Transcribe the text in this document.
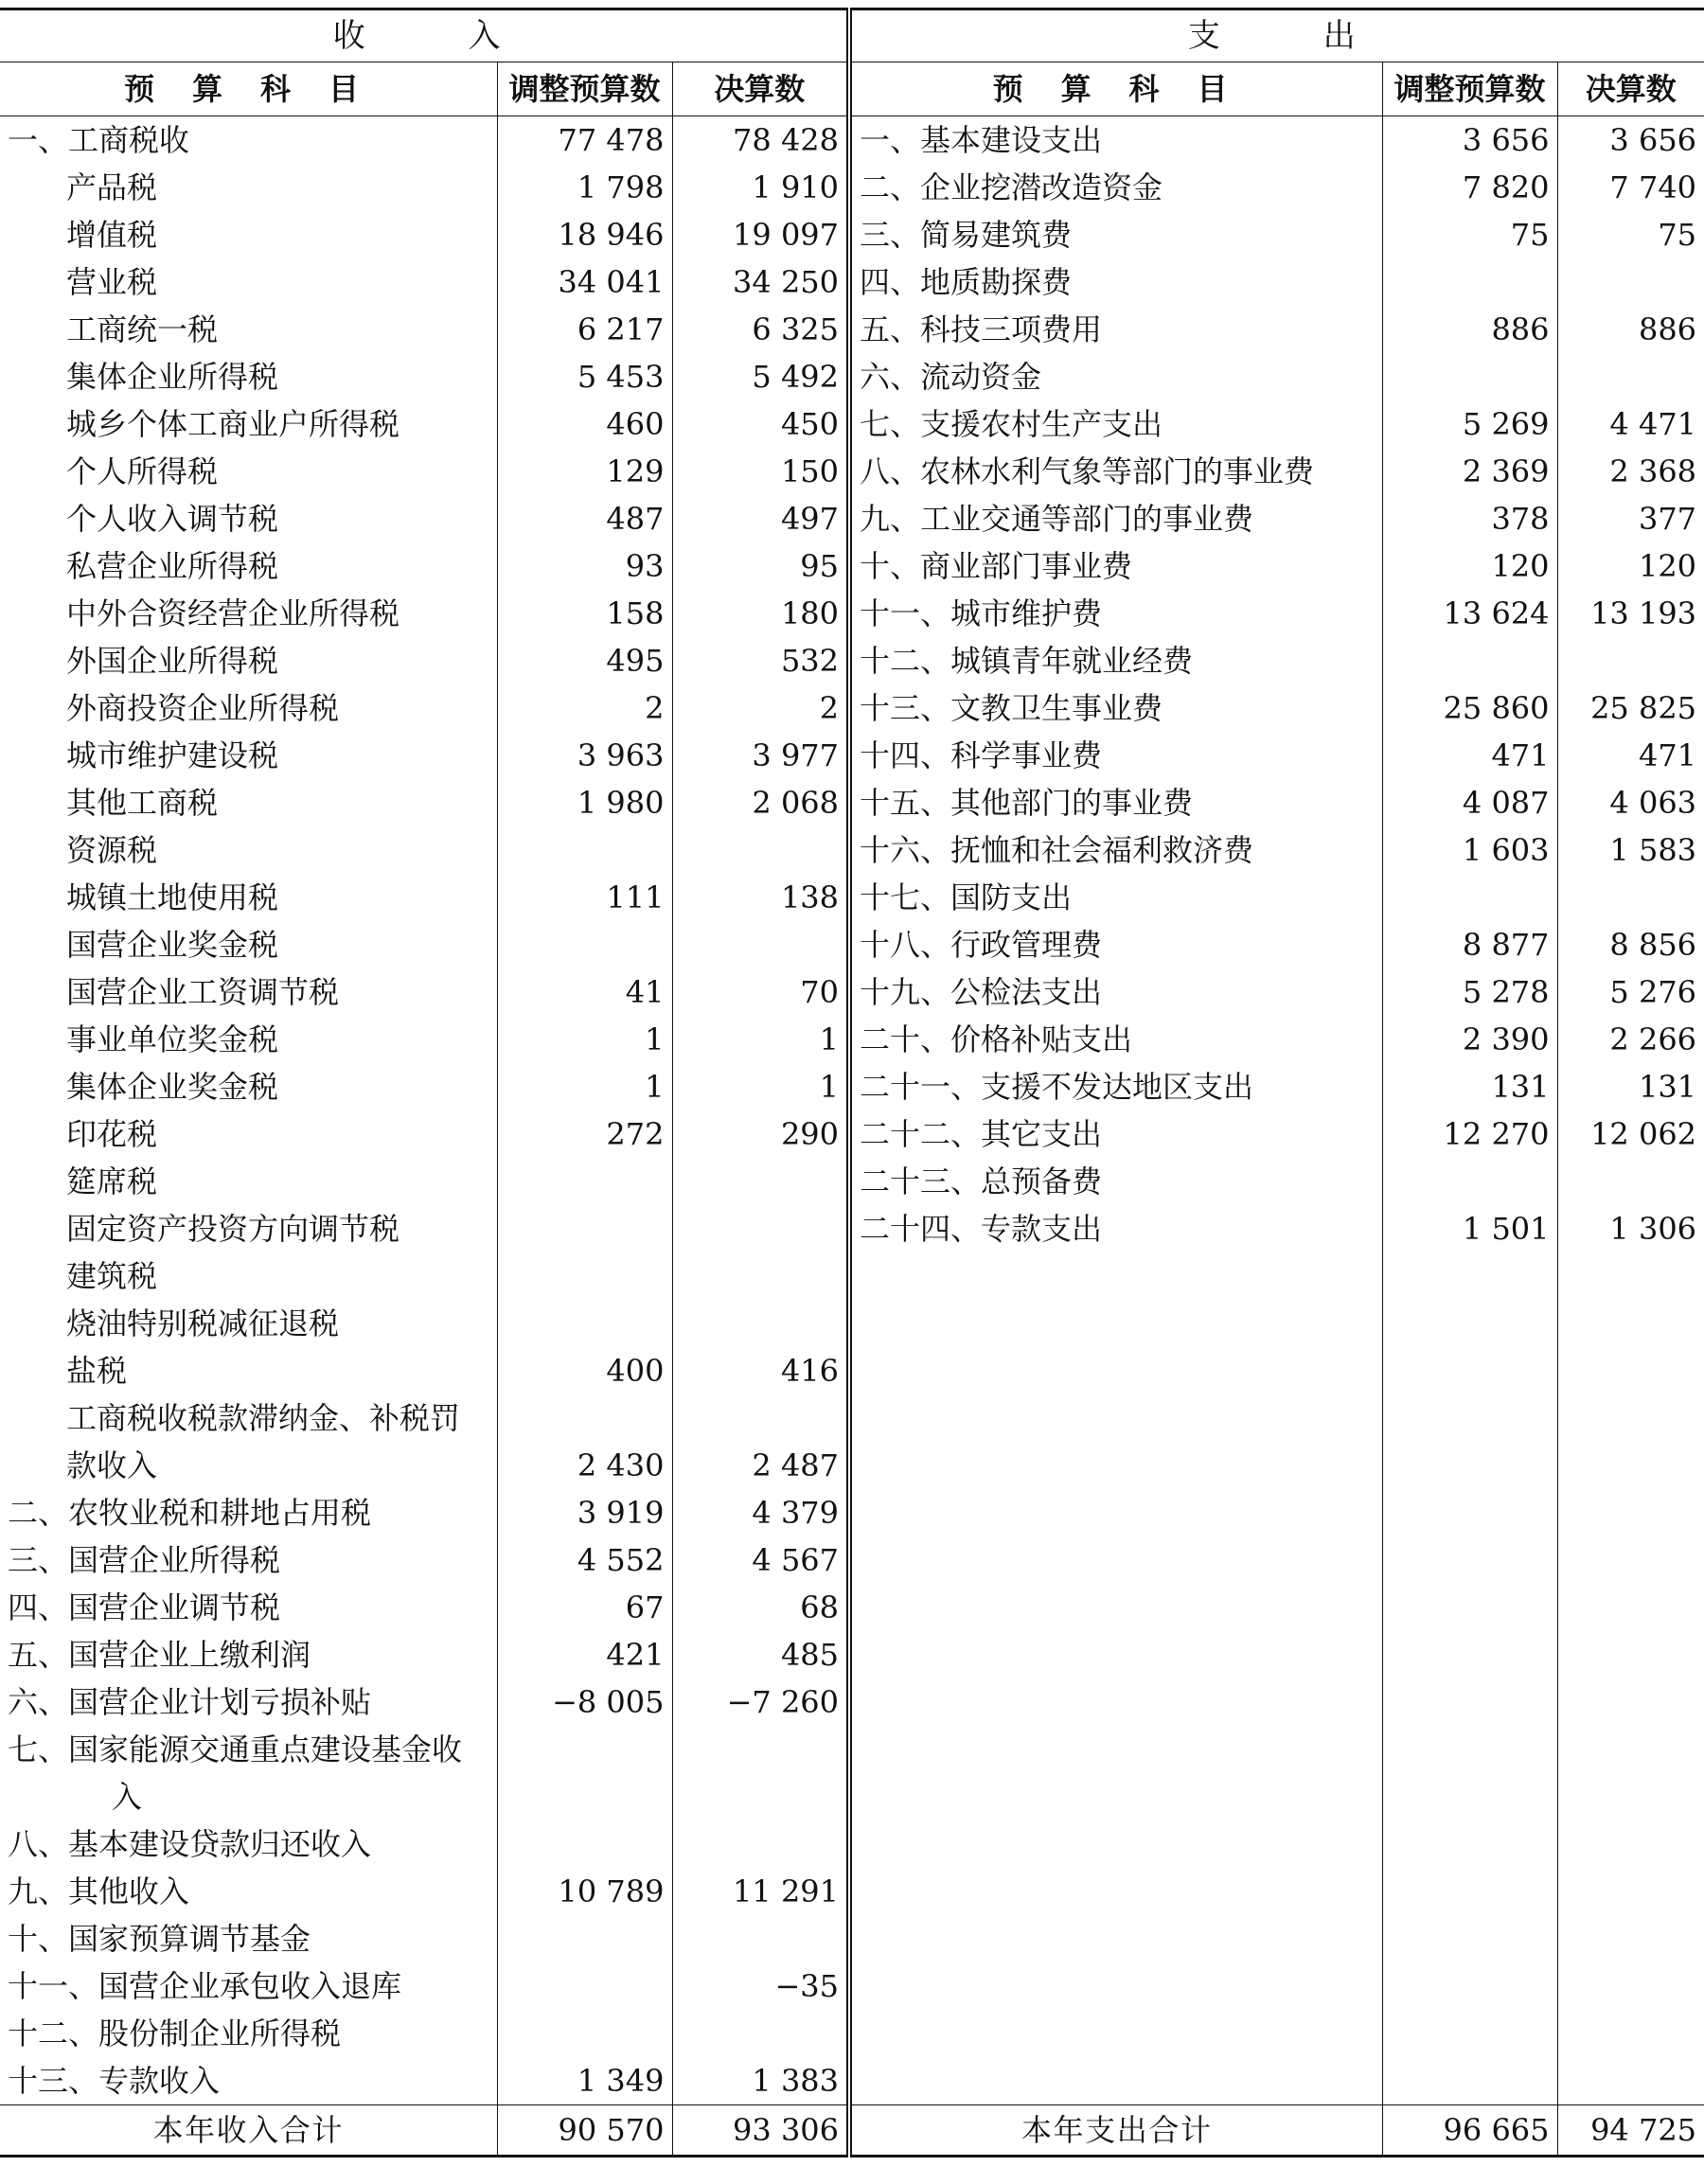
收　　入			支　　出		
预 算 科 目	调整预算数	决算数	预 算 科 目	调整预算数	决算数
一、工商税收	77 478	78 428	一、基本建设支出	3 656	3 656
产品税	1 798	1 910	二、企业挖潜改造资金	7 820	7 740
增值税	18 946	19 097	三、简易建筑费	75	75
营业税	34 041	34 250	四、地质勘探费		
工商统一税	6 217	6 325	五、科技三项费用	886	886
集体企业所得税	5 453	5 492	六、流动资金		
城乡个体工商业户所得税	460	450	七、支援农村生产支出	5 269	4 471
个人所得税	129	150	八、农林水利气象等部门的事业费	2 369	2 368
个人收入调节税	487	497	九、工业交通等部门的事业费	378	377
私营企业所得税	93	95	十、商业部门事业费	120	120
中外合资经营企业所得税	158	180	十一、城市维护费	13 624	13 193
外国企业所得税	495	532	十二、城镇青年就业经费		
外商投资企业所得税	2	2	十三、文教卫生事业费	25 860	25 825
城市维护建设税	3 963	3 977	十四、科学事业费	471	471
其他工商税	1 980	2 068	十五、其他部门的事业费	4 087	4 063
资源税			十六、抚恤和社会福利救济费	1 603	1 583
城镇土地使用税	111	138	十七、国防支出		
国营企业奖金税			十八、行政管理费	8 877	8 856
国营企业工资调节税	41	70	十九、公检法支出	5 278	5 276
事业单位奖金税	1	1	二十、价格补贴支出	2 390	2 266
集体企业奖金税	1	1	二十一、支援不发达地区支出	131	131
印花税	272	290	二十二、其它支出	12 270	12 062
筵席税			二十三、总预备费		
固定资产投资方向调节税			二十四、专款支出	1 501	1 306
建筑税					
烧油特别税减征退税					
盐税	400	416			
工商税收税款滞纳金、补税罚					
款收入	2 430	2 487			
二、农牧业税和耕地占用税	3 919	4 379			
三、国营企业所得税	4 552	4 567			
四、国营企业调节税	67	68			
五、国营企业上缴利润	421	485			
六、国营企业计划亏损补贴	−8 005	−7 260			
七、国家能源交通重点建设基金收					
入					
八、基本建设贷款归还收入					
九、其他收入	10 789	11 291			
十、国家预算调节基金					
十一、国营企业承包收入退库		−35			
十二、股份制企业所得税					
十三、专款收入	1 349	1 383			
本年收入合计	90 570	93 306	本年支出合计	96 665	94 725
